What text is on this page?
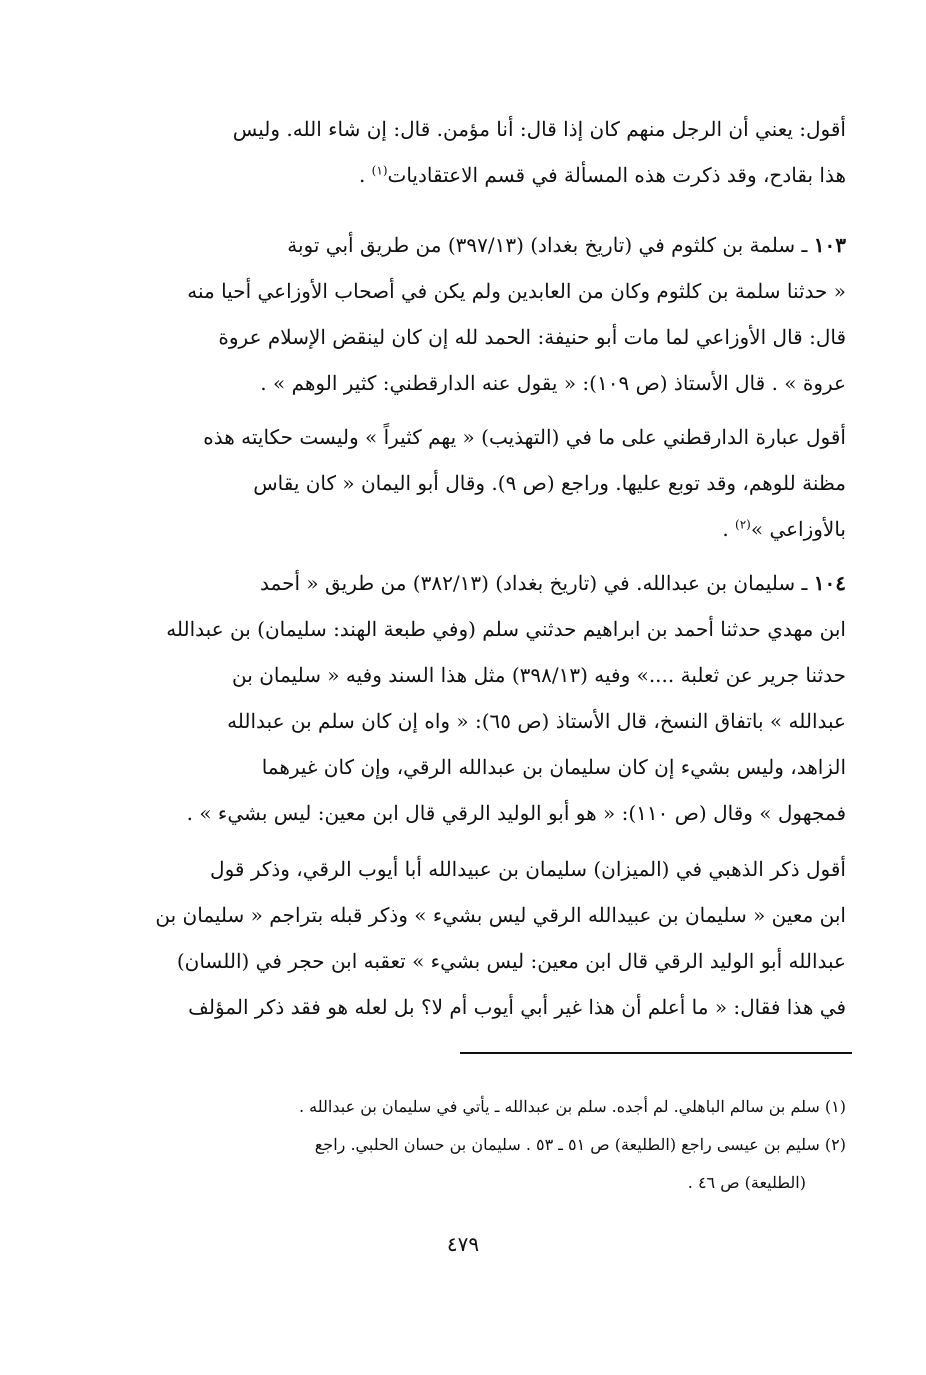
أقول: يعني أن الرجل منهم كان إذا قال: أنا مؤمن. قال: إن شاء الله. وليس
هذا بقادح، وقد ذكرت هذه المسألة في قسم الاعتقاديات$^{(١)}$ .
١٠٣ ـ سلمة بن كلثوم في (تاريخ بغداد) (٣٩٧/١٣) من طريق أبي توبة
« حدثنا سلمة بن كلثوم وكان من العابدين ولم يكن في أصحاب الأوزاعي أحيا منه
قال: قال الأوزاعي لما مات أبو حنيفة: الحمد لله إن كان لينقض الإسلام عروة
عروة » . قال الأستاذ (ص ١٠٩): « يقول عنه الدارقطني: كثير الوهم » .
أقول عبارة الدارقطني على ما في (التهذيب) « يهم كثيراً » وليست حكايته هذه
مظنة للوهم، وقد توبع عليها. وراجع (ص ٩). وقال أبو اليمان « كان يقاس
بالأوزاعي »$^{(٢)}$ .
١٠٤ ـ سليمان بن عبدالله. في (تاريخ بغداد) (٣٨٢/١٣) من طريق « أحمد
ابن مهدي حدثنا أحمد بن ابراهيم حدثني سلم (وفي طبعة الهند: سليمان) بن عبدالله
حدثنا جرير عن ثعلبة ....» وفيه (٣٩٨/١٣) مثل هذا السند وفيه « سليمان بن
عبدالله » باتفاق النسخ، قال الأستاذ (ص ٦٥): « واه إن كان سلم بن عبدالله
الزاهد، وليس بشيء إن كان سليمان بن عبدالله الرقي، وإن كان غيرهما
فمجهول » وقال (ص ١١٠): « هو أبو الوليد الرقي قال ابن معين: ليس بشيء » .
أقول ذكر الذهبي في (الميزان) سليمان بن عبيدالله أبا أيوب الرقي، وذكر قول
ابن معين « سليمان بن عبيدالله الرقي ليس بشيء » وذكر قبله بتراجم « سليمان بن
عبدالله أبو الوليد الرقي قال ابن معين: ليس بشيء » تعقبه ابن حجر في (اللسان)
في هذا فقال: « ما أعلم أن هذا غير أبي أيوب أم لا؟ بل لعله هو فقد ذكر المؤلف
(١) سلم بن سالم الباهلي. لم أجده. سلم بن عبدالله ـ يأتي في سليمان بن عبدالله .
(٢) سليم بن عيسى راجع (الطليعة) ص ٥١ ـ ٥٣ . سليمان بن حسان الحلبي. راجع
(الطليعة) ص ٤٦ .
٤٧٩
